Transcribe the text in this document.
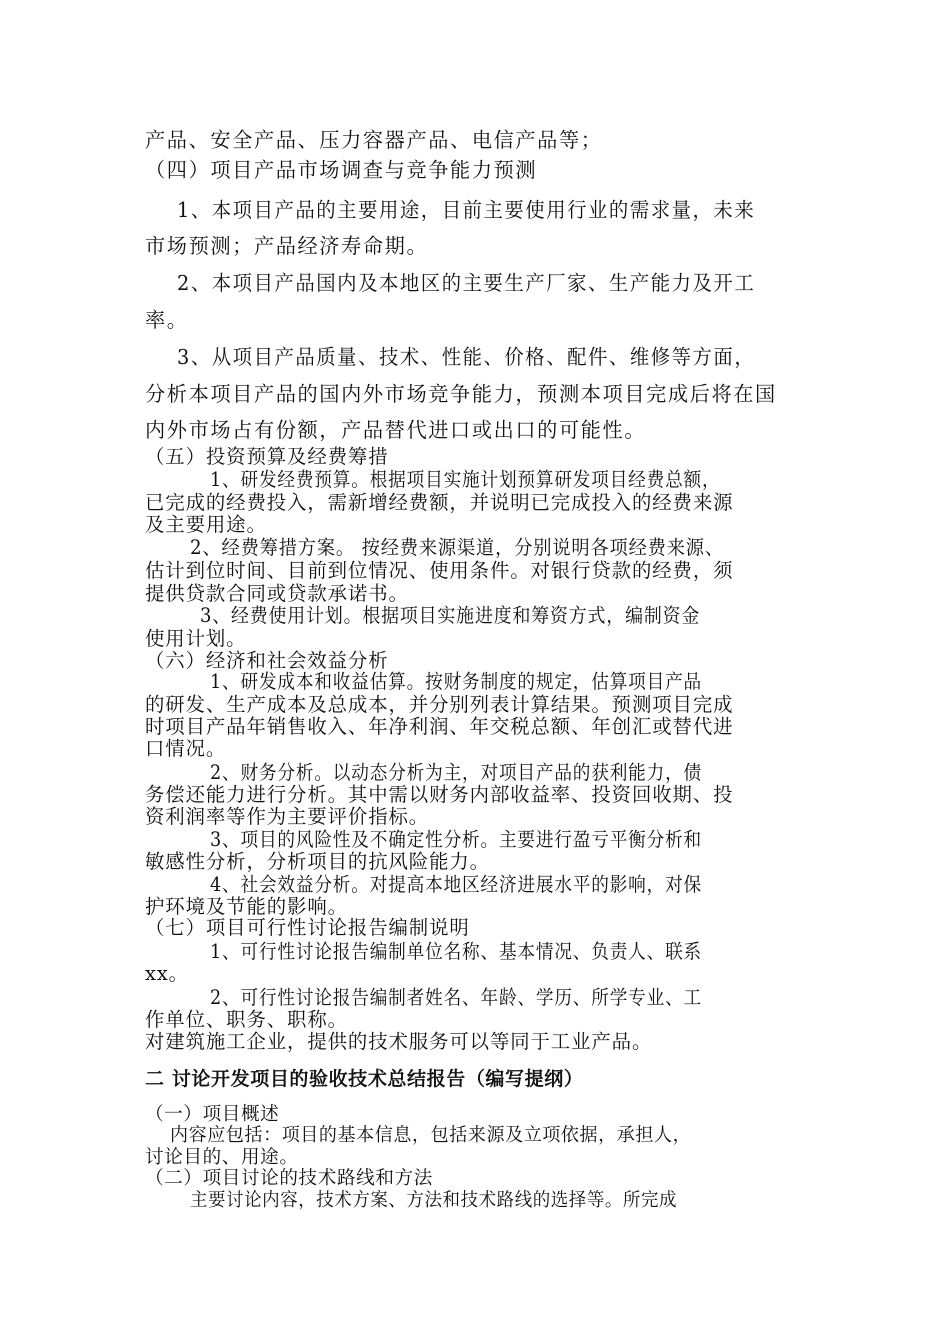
产品、安全产品、压力容器产品、电信产品等；
（四）项目产品市场调查与竞争能力预测
1、本项目产品的主要用途，目前主要使用行业的需求量，未来
市场预测；产品经济寿命期。
2、本项目产品国内及本地区的主要生产厂家、生产能力及开工
率。
3、从项目产品质量、技术、性能、价格、配件、维修等方面，
分析本项目产品的国内外市场竞争能力，预测本项目完成后将在国
内外市场占有份额，产品替代进口或出口的可能性。
（五）投资预算及经费筹措
1、研发经费预算。根据项目实施计划预算研发项目经费总额，
已完成的经费投入，需新增经费额，并说明已完成投入的经费来源
及主要用途。
2、经费筹措方案。 按经费来源渠道，分别说明各项经费来源、
估计到位时间、目前到位情况、使用条件。对银行贷款的经费，须
提供贷款合同或贷款承诺书。
3、经费使用计划。根据项目实施进度和筹资方式，编制资金
使用计划。
（六）经济和社会效益分析
1、研发成本和收益估算。按财务制度的规定，估算项目产品
的研发、生产成本及总成本，并分别列表计算结果。预测项目完成
时项目产品年销售收入、年净利润、年交税总额、年创汇或替代进
口情况。
2、财务分析。以动态分析为主，对项目产品的获利能力，债
务偿还能力进行分析。其中需以财务内部收益率、投资回收期、投
资利润率等作为主要评价指标。
3、项目的风险性及不确定性分析。主要进行盈亏平衡分析和
敏感性分析，分析项目的抗风险能力。
4、社会效益分析。对提高本地区经济进展水平的影响，对保
护环境及节能的影响。
（七）项目可行性讨论报告编制说明
1、可行性讨论报告编制单位名称、基本情况、负责人、联系
xx。
2、可行性讨论报告编制者姓名、年龄、学历、所学专业、工
作单位、职务、职称。
对建筑施工企业，提供的技术服务可以等同于工业产品。
二 讨论开发项目的验收技术总结报告（编写提纲）
（一）项目概述
内容应包括：项目的基本信息，包括来源及立项依据，承担人，
讨论目的、用途。
（二）项目讨论的技术路线和方法
主要讨论内容，技术方案、方法和技术路线的选择等。所完成
